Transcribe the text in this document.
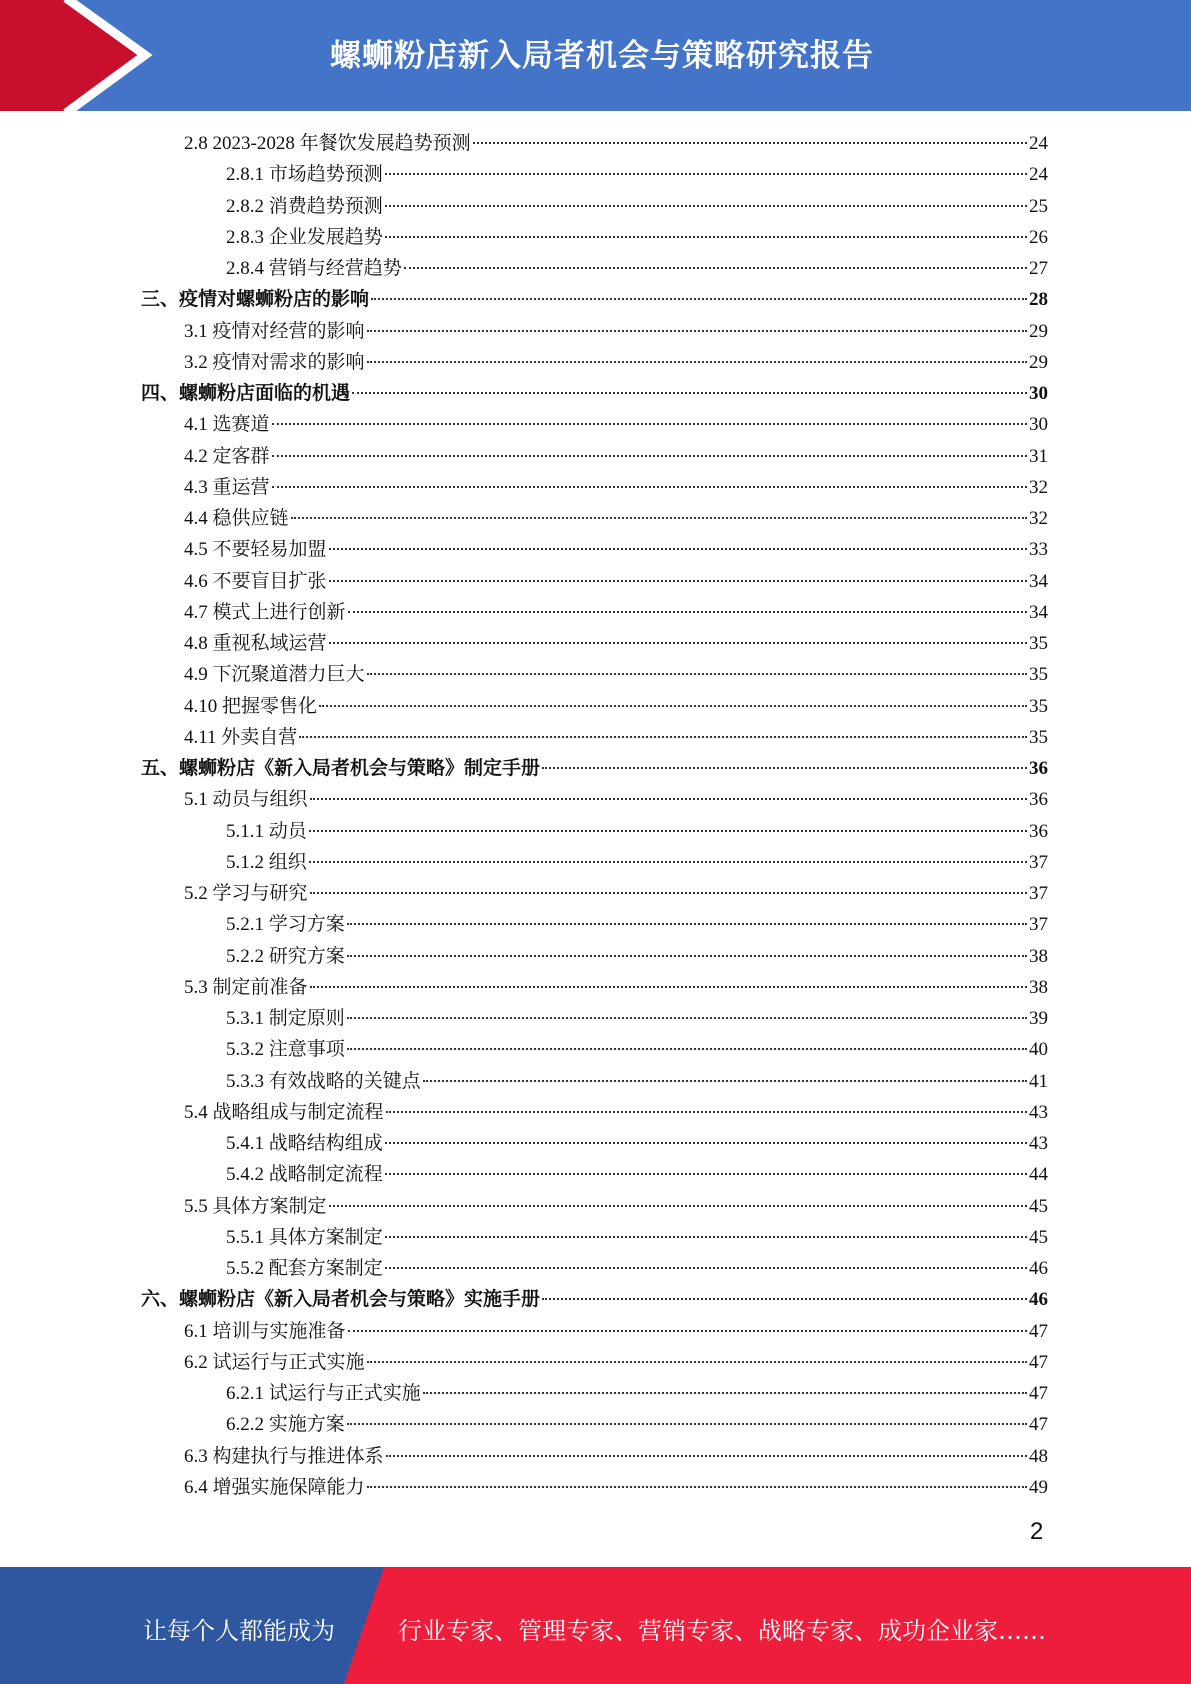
螺蛳粉店新入局者机会与策略研究报告
2.8 2023-2028 年餐饮发展趋势预测	24
2.8.1 市场趋势预测	24
2.8.2 消费趋势预测	25
2.8.3 企业发展趋势	26
2.8.4 营销与经营趋势	27
三、疫情对螺蛳粉店的影响	28
3.1 疫情对经营的影响	29
3.2 疫情对需求的影响	29
四、螺蛳粉店面临的机遇	30
4.1 选赛道	30
4.2 定客群	31
4.3 重运营	32
4.4 稳供应链	32
4.5 不要轻易加盟	33
4.6 不要盲目扩张	34
4.7 模式上进行创新	34
4.8 重视私域运营	35
4.9 下沉聚道潜力巨大	35
4.10 把握零售化	35
4.11 外卖自营	35
五、螺蛳粉店《新入局者机会与策略》制定手册	36
5.1 动员与组织	36
5.1.1 动员	36
5.1.2 组织	37
5.2 学习与研究	37
5.2.1 学习方案	37
5.2.2 研究方案	38
5.3 制定前准备	38
5.3.1 制定原则	39
5.3.2 注意事项	40
5.3.3 有效战略的关键点	41
5.4 战略组成与制定流程	43
5.4.1 战略结构组成	43
5.4.2 战略制定流程	44
5.5 具体方案制定	45
5.5.1 具体方案制定	45
5.5.2 配套方案制定	46
六、螺蛳粉店《新入局者机会与策略》实施手册	46
6.1 培训与实施准备	47
6.2 试运行与正式实施	47
6.2.1 试运行与正式实施	47
6.2.2 实施方案	47
6.3 构建执行与推进体系	48
6.4 增强实施保障能力	49
2
让每个人都能成为	行业专家、管理专家、营销专家、战略专家、成功企业家……
